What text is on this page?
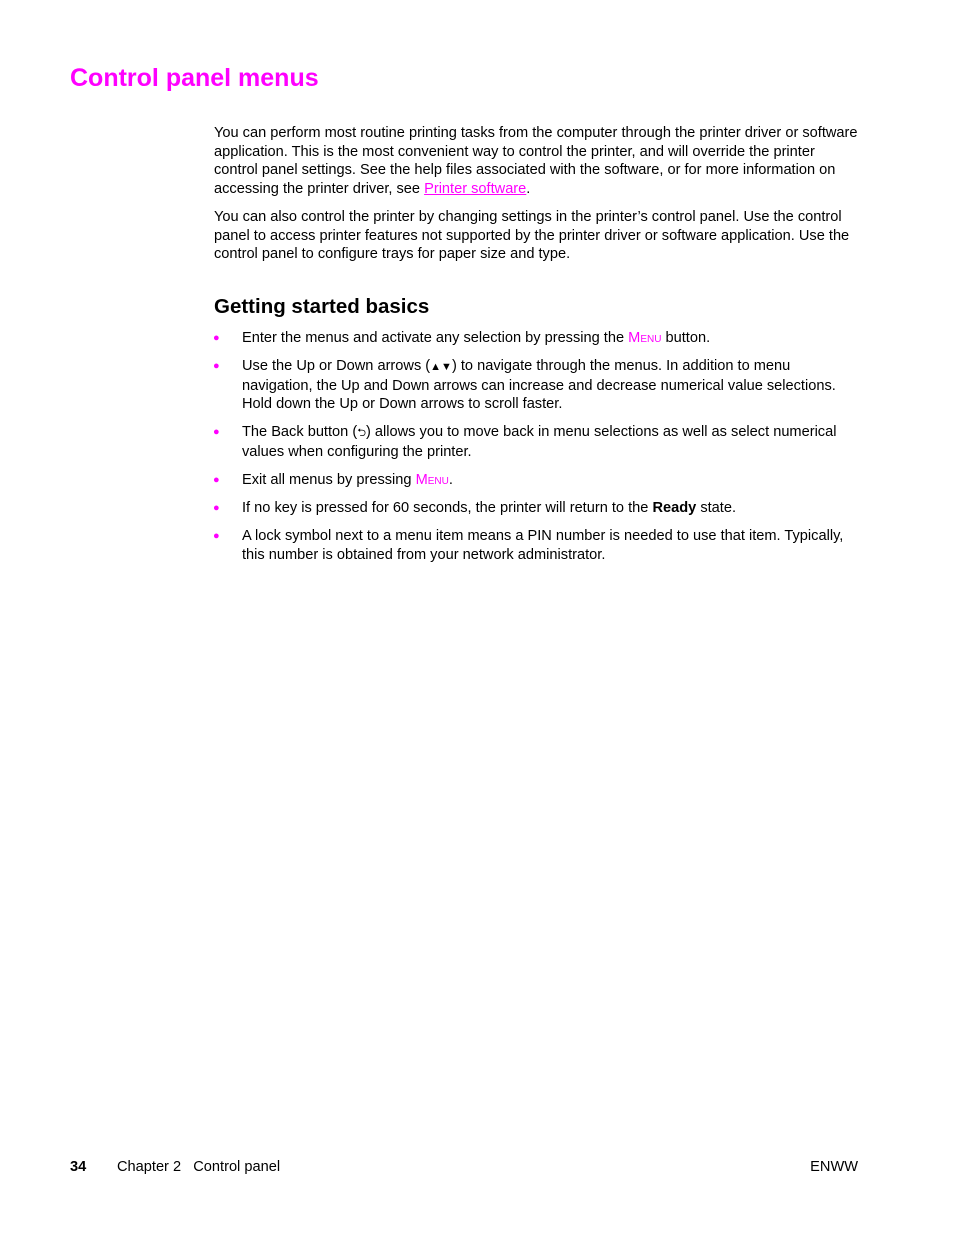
Control panel menus

You can perform most routine printing tasks from the computer through the printer driver or software application. This is the most convenient way to control the printer, and will override the printer control panel settings. See the help files associated with the software, or for more information on accessing the printer driver, see Printer software.

You can also control the printer by changing settings in the printer’s control panel. Use the control panel to access printer features not supported by the printer driver or software application. Use the control panel to configure trays for paper size and type.

Getting started basics
● Enter the menus and activate any selection by pressing the Menu button.
● Use the Up or Down arrows (▲▼) to navigate through the menus. In addition to menu navigation, the Up and Down arrows can increase and decrease numerical value selections. Hold down the Up or Down arrows to scroll faster.
● The Back button (⮌) allows you to move back in menu selections as well as select numerical values when configuring the printer.
● Exit all menus by pressing Menu.
● If no key is pressed for 60 seconds, the printer will return to the Ready state.
● A lock symbol next to a menu item means a PIN number is needed to use that item. Typically, this number is obtained from your network administrator.
34 Chapter 2   Control panel	ENWW
